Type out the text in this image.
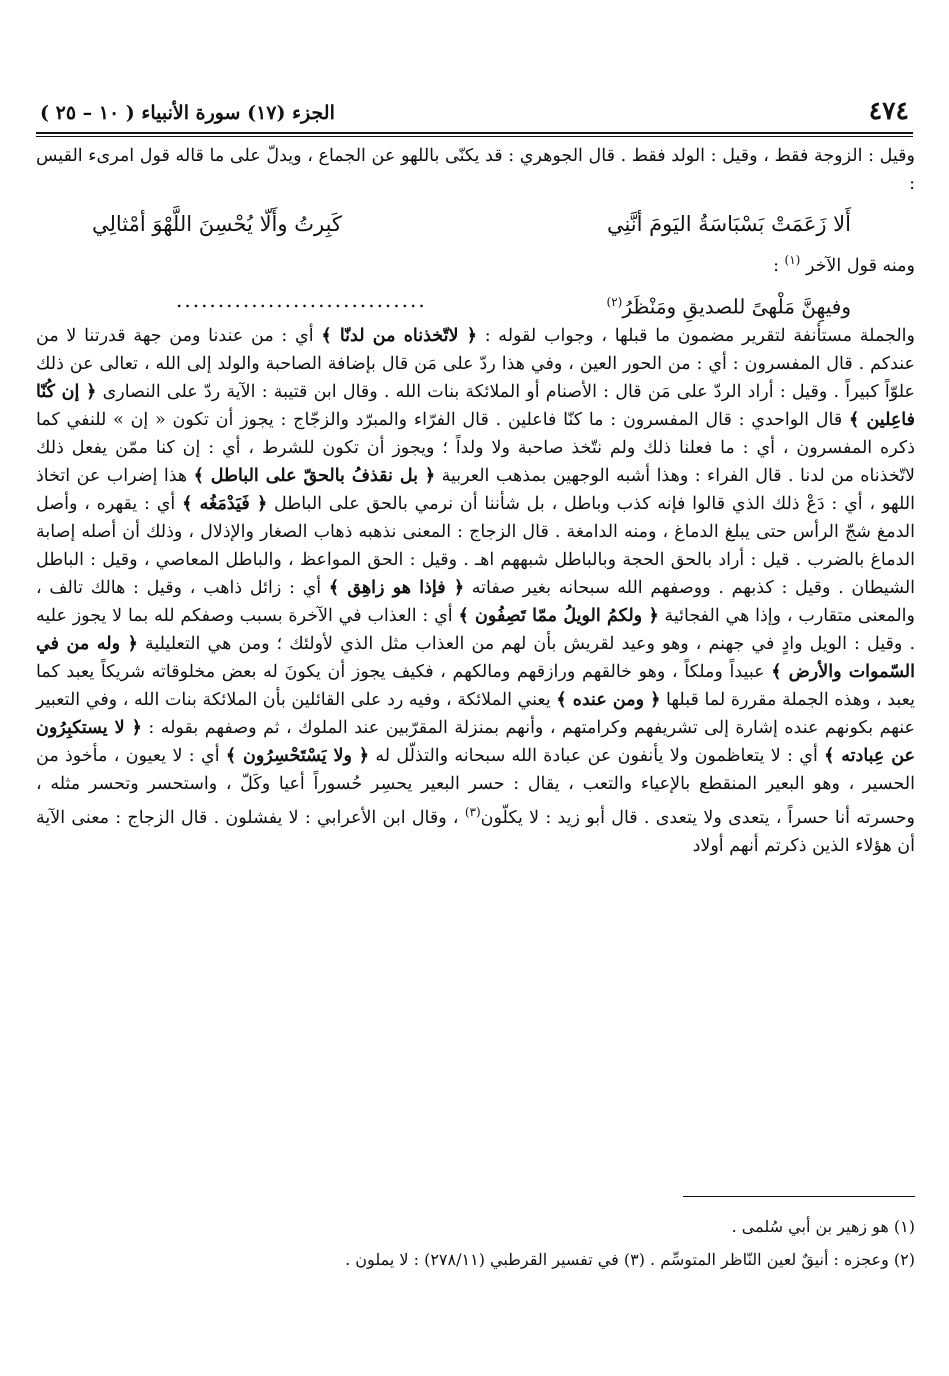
٤٧٤
الجزء (١٧) سورة الأنبياء ( ١٠ – ٢٥ )

وقيل : الزوجة فقط ، وقيل : الولد فقط . قال الجوهري : قد يكنّى باللهو عن الجماع ، ويدلّ على ما قاله قول امرىء القيس :

أَلا زَعَمَتْ بَسْبَاسَةُ اليَومَ أنَّنِي
كَبِرتُ وأَلّا يُحْسِنَ اللَّهْوَ أمْثالِي

ومنه قول الآخر $^{(١)}$ :

وفيهِنَّ مَلْهىً للصديقِ ومَنْظَرُ$^{(٢)}$
..............................

والجملة مستأنفة لتقرير مضمون ما قبلها ، وجواب لقوله : ﴿ لاتّخذناه من لدنّا ﴾ أي : من عندنا ومن جهة قدرتنا لا من عندكم . قال المفسرون : أي : من الحور العين ، وفي هذا ردّ على مَن قال بإضافة الصاحبة والولد إلى الله ، تعالى عن ذلك علوّاً كبيراً . وقيل : أراد الردّ على مَن قال : الأصنام أو الملائكة بنات الله . وقال ابن قتيبة : الآية ردّ على النصارى ﴿ إن كُنّا فاعِلين ﴾ قال الواحدي : قال المفسرون : ما كنّا فاعلين . قال الفرّاء والمبرّد والزجّاج : يجوز أن تكون « إن » للنفي كما ذكره المفسرون ، أي : ما فعلنا ذلك ولم نتّخذ صاحبة ولا ولداً ؛ ويجوز أن تكون للشرط ، أي : إن كنا ممّن يفعل ذلك لاتّخذناه من لدنا . قال الفراء : وهذا أشبه الوجهين بمذهب العربية ﴿ بل نقذفُ بالحقّ على الباطل ﴾ هذا إضراب عن اتخاذ اللهو ، أي : دَعْ ذلك الذي قالوا فإنه كذب وباطل ، بل شأننا أن نرمي بالحق على الباطل ﴿ فَيَدْمَغُه ﴾ أي : يقهره ، وأصل الدمغ شجّ الرأس حتى يبلغ الدماغ ، ومنه الدامغة . قال الزجاج : المعنى نذهبه ذهاب الصغار والإذلال ، وذلك أن أصله إصابة الدماغ بالضرب . قيل : أراد بالحق الحجة وبالباطل شبههم اهـ . وقيل : الحق المواعظ ، والباطل المعاصي ، وقيل : الباطل الشيطان . وقيل : كذبهم . ووصفهم الله سبحانه بغير صفاته ﴿ فإذا هو زاهِق ﴾ أي : زائل ذاهب ، وقيل : هالك تالف ، والمعنى متقارب ، وإذا هي الفجائية ﴿ ولكمُ الويلُ ممّا تَصِفُون ﴾ أي : العذاب في الآخرة بسبب وصفكم لله بما لا يجوز عليه . وقيل : الويل وادٍ في جهنم ، وهو وعيد لقريش بأن لهم من العذاب مثل الذي لأولئك ؛ ومن هي التعليلية ﴿ وله من في السّموات والأرض ﴾ عبيداً وملكاً ، وهو خالقهم ورازقهم ومالكهم ، فكيف يجوز أن يكونَ له بعض مخلوقاته شريكاً يعبد كما يعبد ، وهذه الجملة مقررة لما قبلها ﴿ ومن عنده ﴾ يعني الملائكة ، وفيه رد على القائلين بأن الملائكة بنات الله ، وفي التعبير عنهم بكونهم عنده إشارة إلى تشريفهم وكرامتهم ، وأنهم بمنزلة المقرّبين عند الملوك ، ثم وصفهم بقوله : ﴿ لا يستكبِرُون عن عِبادته ﴾ أي : لا يتعاظمون ولا يأنفون عن عبادة الله سبحانه والتذلّل له ﴿ ولا يَسْتَحْسِرُون ﴾ أي : لا يعيون ، مأخوذ من الحسير ، وهو البعير المنقطع بالإعياء والتعب ، يقال : حسر البعير يحسِر حُسوراً أعيا وكَلّ ، واستحسر وتحسر مثله ، وحسرته أنا حسراً ، يتعدى ولا يتعدى . قال أبو زيد : لا يكلّون$^{(٣)}$ ، وقال ابن الأعرابي : لا يفشلون . قال الزجاج : معنى الآية أن هؤلاء الذين ذكرتم أنهم أولاد

(١) هو زهير بن أبي سُلمى .

(٢) وعجزه : أنيقٌ لعين النّاظر المتوسِّم . (٣) في تفسير القرطبي (٢٧٨/١١) : لا يملون .
